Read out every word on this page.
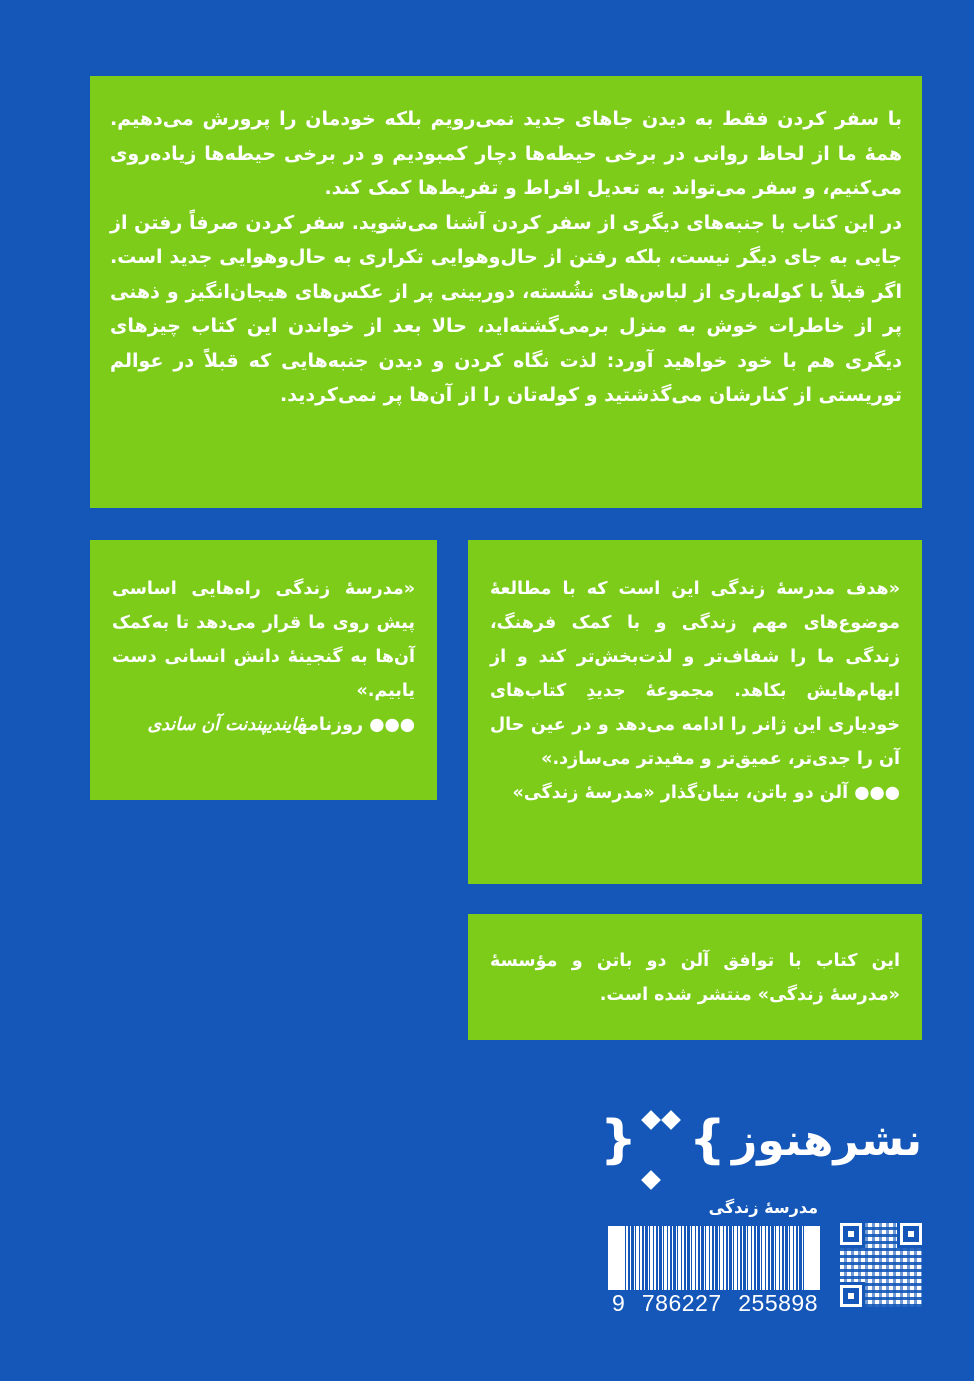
با سفر کردن فقط به دیدن جاهای جدید نمی‌رویم بلکه خودمان را پرورش می‌دهیم. همهٔ ما از لحاظ روانی در برخی حیطه‌ها دچار کمبودیم و در برخی حیطه‌ها زیاده‌روی می‌کنیم، و سفر می‌تواند به تعدیل افراط و تفریط‌ها کمک کند.

در این کتاب با جنبه‌های دیگری از سفر کردن آشنا می‌شوید. سفر کردن صرفاً رفتن از جایی به جای دیگر نیست، بلکه رفتن از حال‌وهوایی تکراری به حال‌وهوایی جدید است. اگر قبلاً با کوله‌باری از لباس‌های نشُسته، دوربینی پر از عکس‌های هیجان‌انگیز و ذهنی پر از خاطرات خوش به منزل برمی‌گشته‌اید، حالا بعد از خواندن این کتاب چیزهای دیگری هم با خود خواهید آورد: لذت نگاه کردن و دیدن جنبه‌هایی که قبلاً در عوالم توریستی از کنارشان می‌گذشتید و کوله‌تان را از آن‌ها پر نمی‌کردید.

«مدرسهٔ زندگی راه‌هایی اساسی پیش روی ما قرار می‌دهد تا به‌کمک آن‌ها به گنجینهٔ دانش انسانی دست یابیم.»

●●● روزنامهٔایندیپندنت آن ساندی

«هدف مدرسهٔ زندگی این است که با مطالعهٔ موضوع‌های مهم زندگی و با کمک فرهنگ، زندگی ما را شفاف‌تر و لذت‌بخش‌تر کند و از ابهام‌هایش بکاهد. مجموعهٔ جدیدِ کتاب‌های خودیاری این ژانر را ادامه می‌دهد و در عین حال آن را جدی‌تر، عمیق‌تر و مفیدتر می‌سازد.»

●●● آلن دو باتن، بنیان‌گذار «مدرسهٔ زندگی»

این کتاب با توافق آلن دو باتن و مؤسسهٔ «مدرسهٔ زندگی» منتشر شده است.

نشرهنوز
} {
مدرسهٔ زندگی
9 786227 255898
